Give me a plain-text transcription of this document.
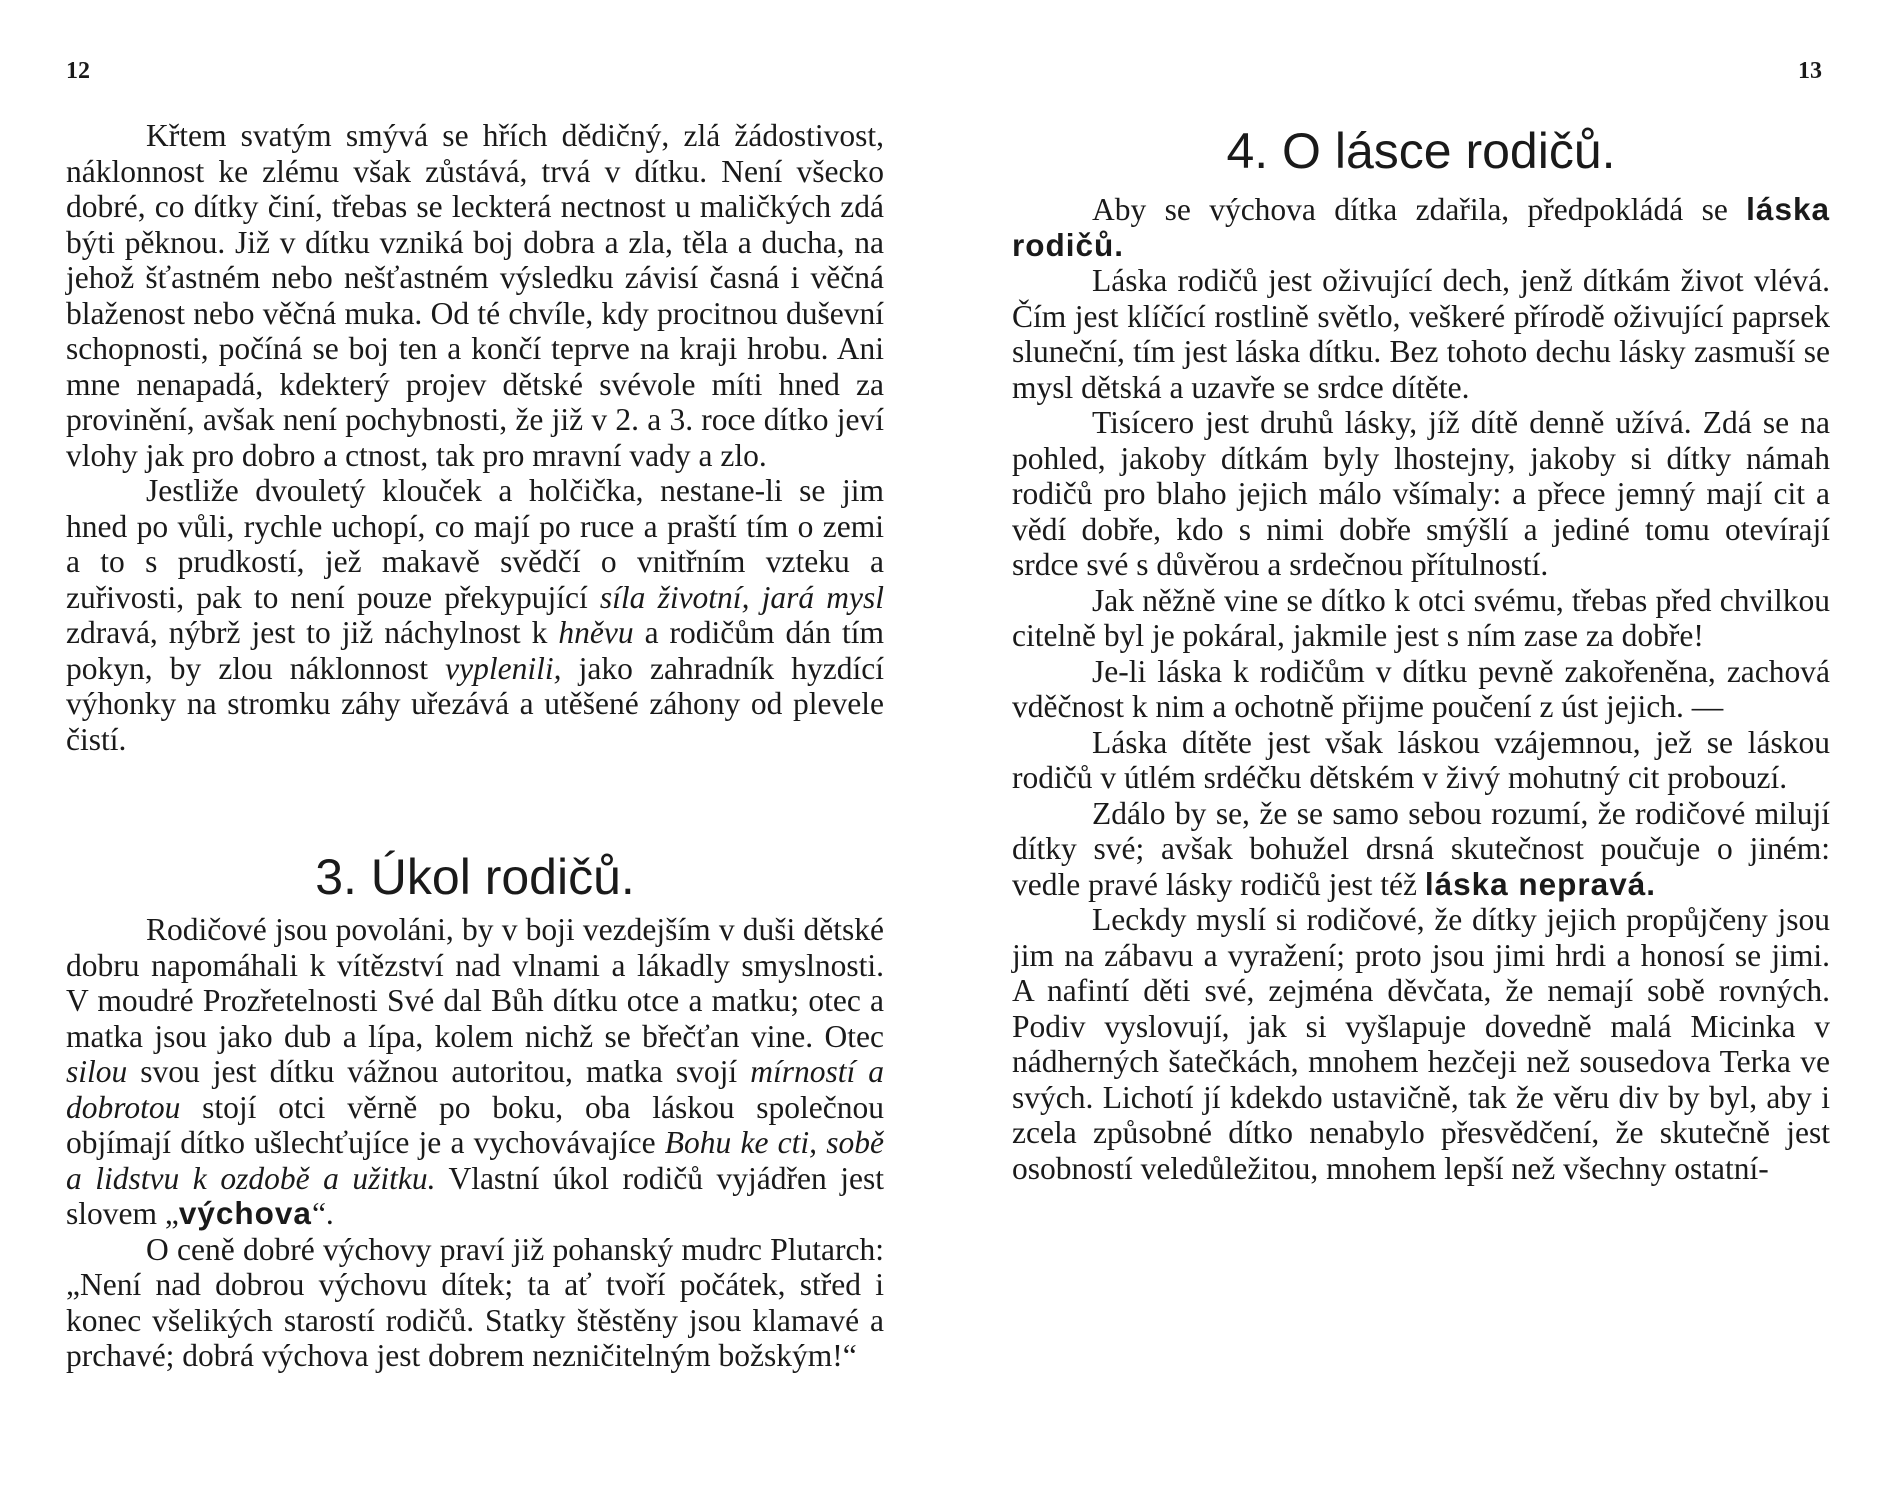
12

Křtem svatým smývá se hřích dědičný, zlá žádostivost, náklonnost ke zlému však zůstává, trvá v dítku. Není všecko dobré, co dítky činí, třebas se leckterá nectnost u maličkých zdá býti pěknou. Již v dítku vzniká boj dobra a zla, těla a ducha, na jehož šťastném nebo nešťastném výsledku závisí časná i věčná blaženost nebo věčná muka. Od té chvíle, kdy procitnou duševní schopnosti, počíná se boj ten a končí teprve na kraji hrobu. Ani mne nenapadá, kdekterý projev dětské svévole míti hned za provinění, avšak není pochybnosti, že již v 2. a 3. roce dítko jeví vlohy jak pro dobro a ctnost, tak pro mravní vady a zlo.

Jestliže dvouletý klouček a holčička, nestane-li se jim hned po vůli, rychle uchopí, co mají po ruce a praští tím o zemi a to s prudkostí, jež makavě svědčí o vnitřním vzteku a zuřivosti, pak to není pouze překypující síla životní, jará mysl zdravá, nýbrž jest to již náchylnost k hněvu a rodičům dán tím pokyn, by zlou náklonnost vyplenili, jako zahradník hyzdící výhonky na stromku záhy uřezává a utěšené záhony od plevele čistí.

3. Úkol rodičů.

Rodičové jsou povoláni, by v boji vezdejším v duši dětské dobru napomáhali k vítězství nad vlnami a lákadly smyslnosti. V moudré Prozřetelnosti Své dal Bůh dítku otce a matku; otec a matka jsou jako dub a lípa, kolem nichž se břečťan vine. Otec silou svou jest dítku vážnou autoritou, matka svojí mírností a dobrotou stojí otci věrně po boku, oba láskou společnou objímají dítko ušlechťujíce je a vychovávajíce Bohu ke cti, sobě a lidstvu k ozdobě a užitku. Vlastní úkol rodičů vyjádřen jest slovem „výchova“.

O ceně dobré výchovy praví již pohanský mudrc Plutarch: „Není nad dobrou výchovu dítek; ta ať tvoří počátek, střed i konec všelikých starostí rodičů. Statky štěstěny jsou klamavé a prchavé; dobrá výchova jest dobrem nezničitelným božským!“

13
4. O lásce rodičů.

Aby se výchova dítka zdařila, předpokládá se láska rodičů.

Láska rodičů jest oživující dech, jenž dítkám život vlévá. Čím jest klíčící rostlině světlo, veškeré přírodě oživující paprsek sluneční, tím jest láska dítku. Bez tohoto dechu lásky zasmuší se mysl dětská a uzavře se srdce dítěte.

Tisícero jest druhů lásky, jíž dítě denně užívá. Zdá se na pohled, jakoby dítkám byly lhostejny, jakoby si dítky námah rodičů pro blaho jejich málo všímaly: a přece jemný mají cit a vědí dobře, kdo s nimi dobře smýšlí a jediné tomu otevírají srdce své s důvěrou a srdečnou přítulností.

Jak něžně vine se dítko k otci svému, třebas před chvilkou citelně byl je pokáral, jakmile jest s ním zase za dobře!

Je-li láska k rodičům v dítku pevně zakořeněna, zachová vděčnost k nim a ochotně přijme poučení z úst jejich. —

Láska dítěte jest však láskou vzájemnou, jež se láskou rodičů v útlém srdéčku dětském v živý mohutný cit probouzí.

Zdálo by se, že se samo sebou rozumí, že rodičové milují dítky své; avšak bohužel drsná skutečnost poučuje o jiném: vedle pravé lásky rodičů jest též láska nepravá.

Leckdy myslí si rodičové, že dítky jejich propůjčeny jsou jim na zábavu a vyražení; proto jsou jimi hrdi a honosí se jimi. A nafintí děti své, zejména děvčata, že nemají sobě rovných. Podiv vyslovují, jak si vyšlapuje dovedně malá Micinka v nádherných šatečkách, mnohem hezčeji než sousedova Terka ve svých. Lichotí jí kdekdo ustavičně, tak že věru div by byl, aby i zcela způsobné dítko nenabylo přesvědčení, že skutečně jest osobností veledůležitou, mnohem lepší než všechny ostatní-
